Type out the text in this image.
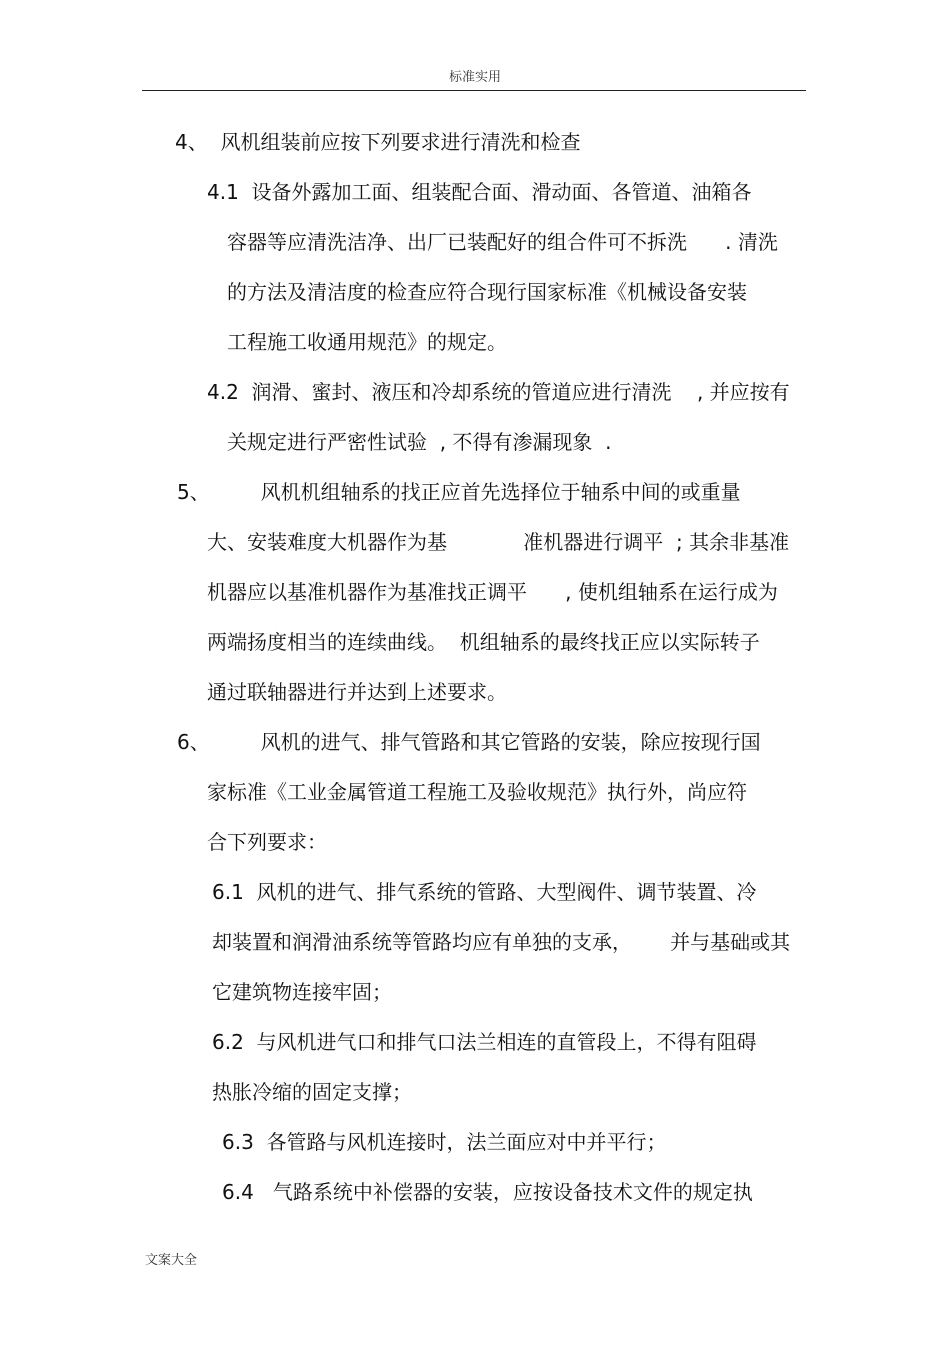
标准实用
4、  风机组装前应按下列要求进行清洗和检查
4.1  设备外露加工面、组装配合面、滑动面、各管道、油箱各
容器等应清洗洁净、出厂已装配好的组合件可不拆洗      . 清洗
的方法及清洁度的检查应符合现行国家标准《机械设备安装
工程施工收通用规范》的规定。
4.2  润滑、蜜封、液压和冷却系统的管道应进行清洗    , 并应按有
关规定进行严密性试验  , 不得有渗漏现象  .
5、        风机机组轴系的找正应首先选择位于轴系中间的或重量
大、安装难度大机器作为基            准机器进行调平  ; 其余非基准
机器应以基准机器作为基准找正调平      , 使机组轴系在运行成为
两端扬度相当的连续曲线。  机组轴系的最终找正应以实际转子
通过联轴器进行并达到上述要求。
6、        风机的进气、排气管路和其它管路的安装，除应按现行国
家标准《工业金属管道工程施工及验收规范》执行外，尚应符
合下列要求：
6.1  风机的进气、排气系统的管路、大型阀件、调节装置、冷
却装置和润滑油系统等管路均应有单独的支承，      并与基础或其
它建筑物连接牢固；
6.2  与风机进气口和排气口法兰相连的直管段上，不得有阻碍
热胀冷缩的固定支撑；
6.3  各管路与风机连接时，法兰面应对中并平行；
6.4   气路系统中补偿器的安装，应按设备技术文件的规定执
文案大全
